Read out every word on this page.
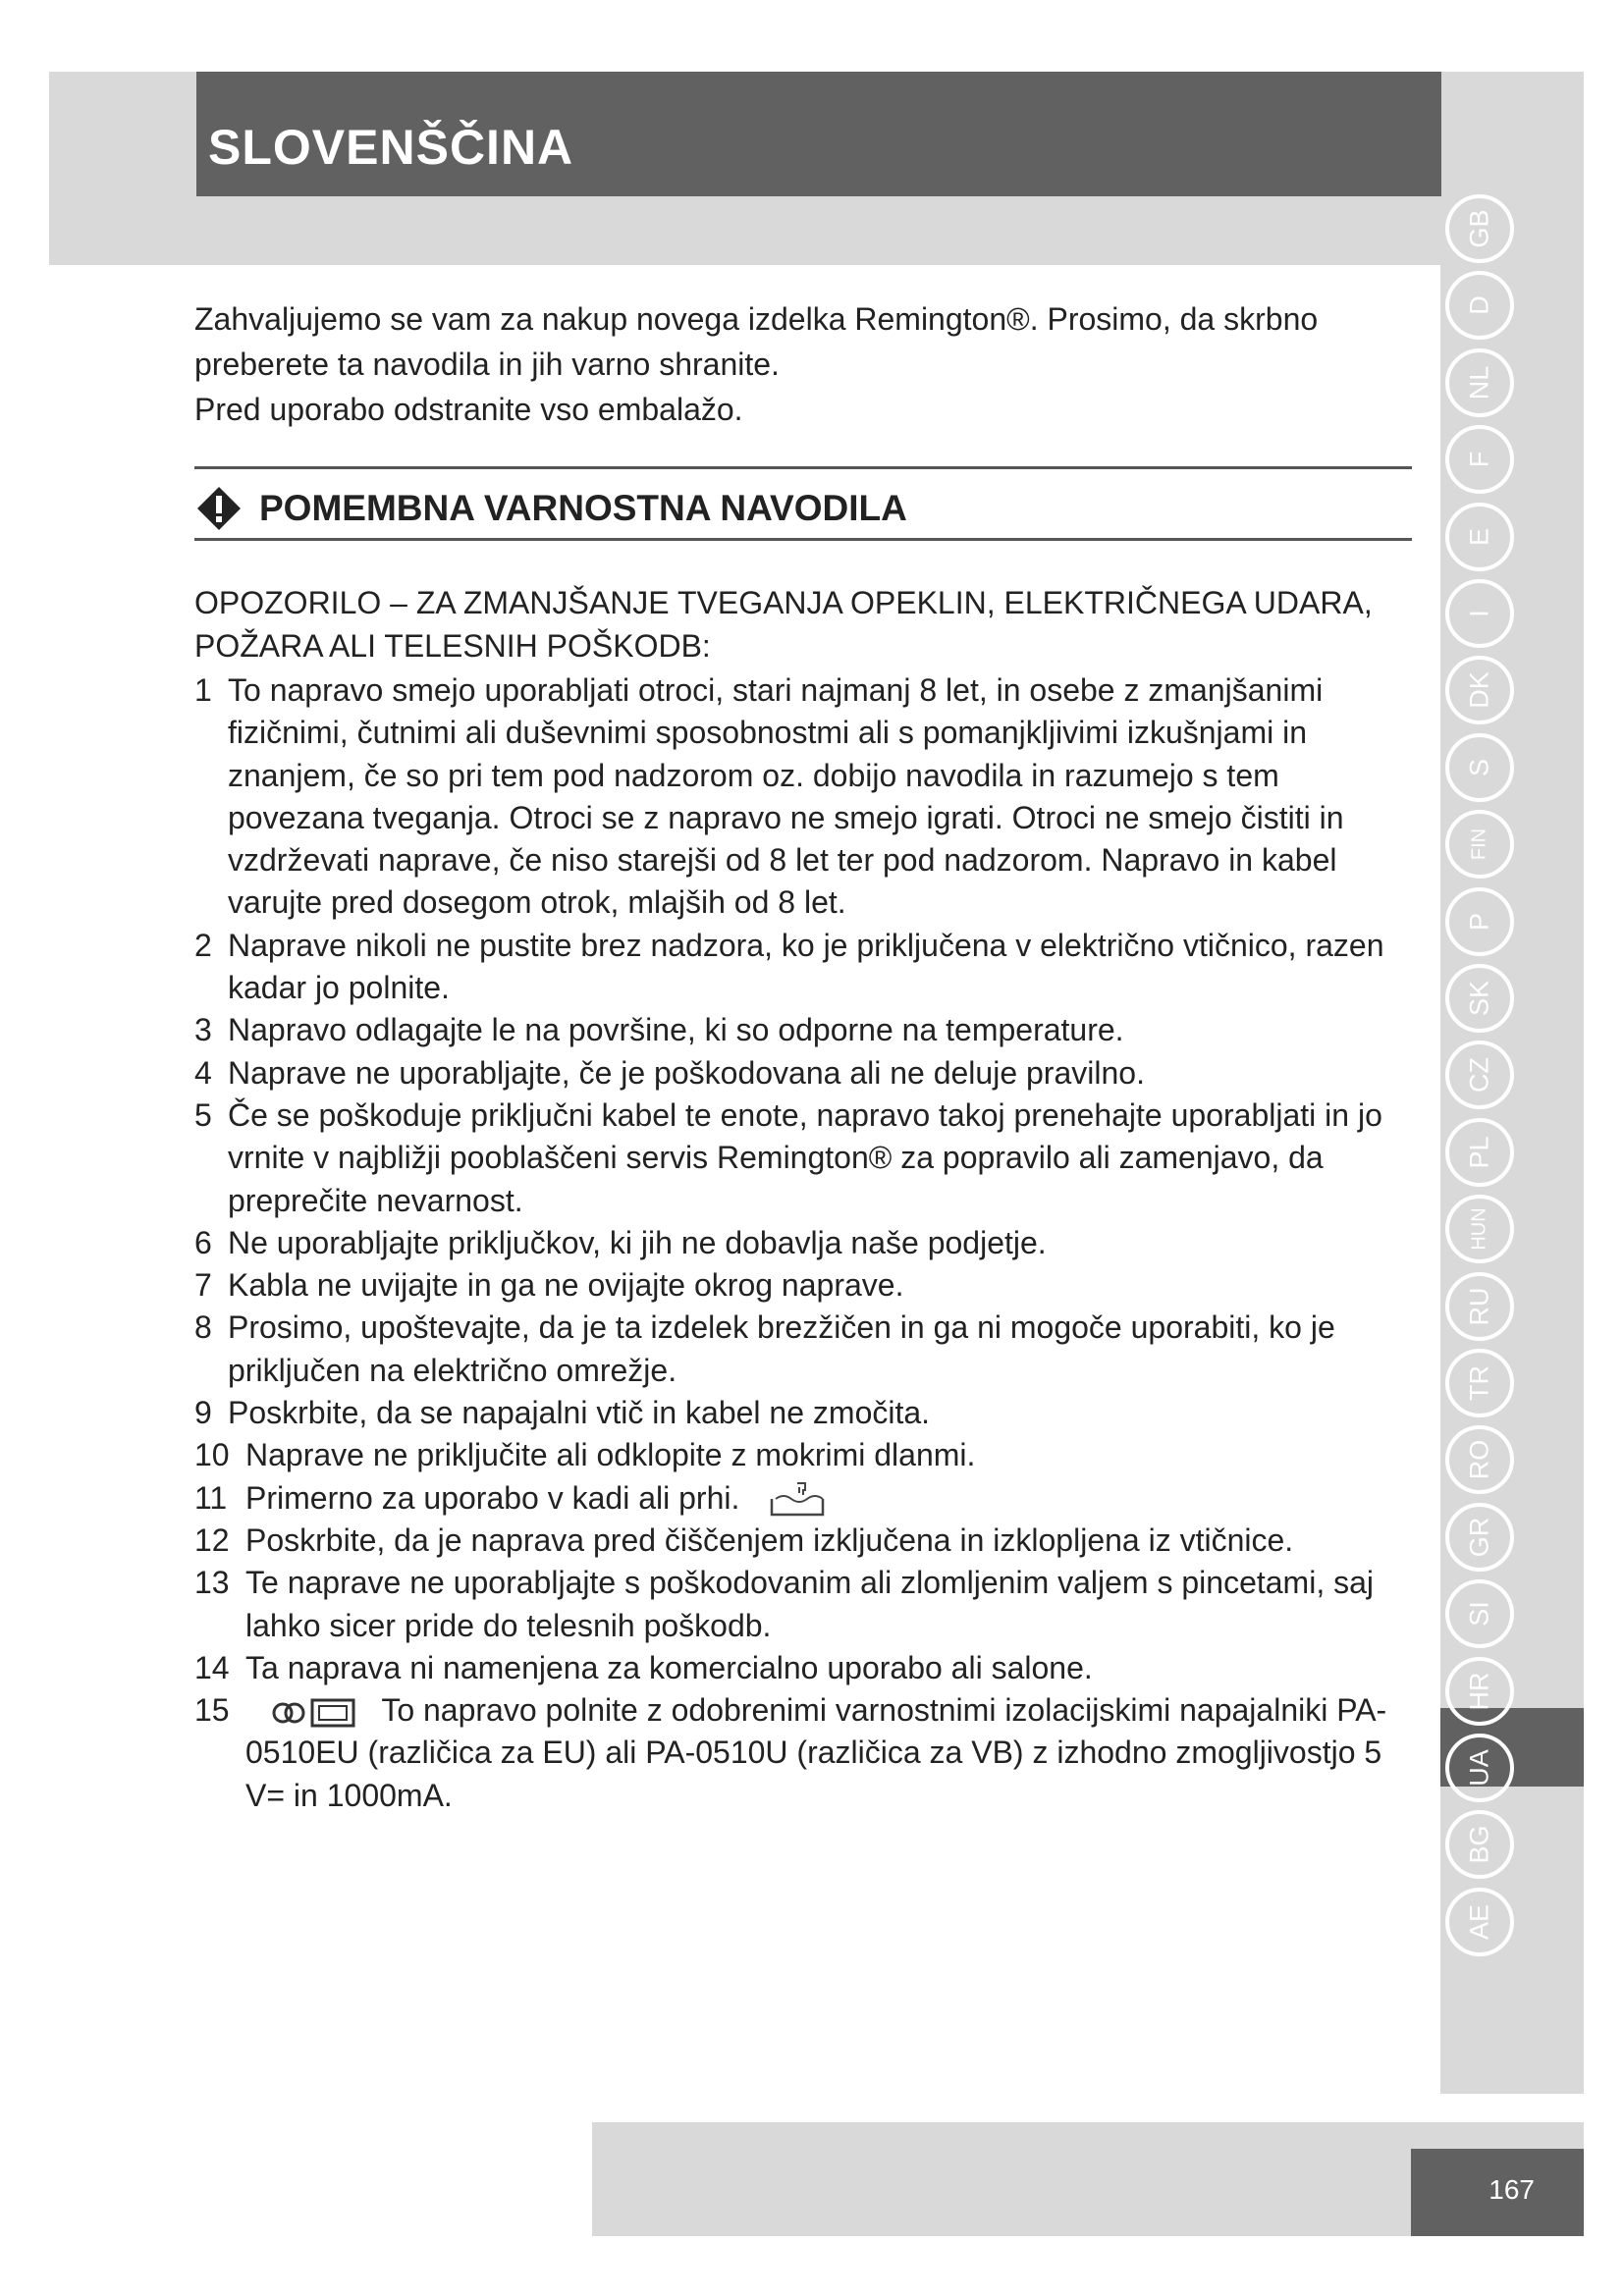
SLOVENŠČINA

Zahvaljujemo se vam za nakup novega izdelka Remington®. Prosimo, da skrbno

preberete ta navodila in jih varno shranite.

Pred uporabo odstranite vso embalažo.

POMEMBNA VARNOSTNA NAVODILA
OPOZORILO – ZA ZMANJŠANJE TVEGANJA OPEKLIN, ELEKTRIČNEGA UDARA, POŽARA ALI TELESNIH POŠKODB:
1 To napravo smejo uporabljati otroci, stari najmanj 8 let, in osebe z zmanjšanimi fizičnimi, čutnimi ali duševnimi sposobnostmi ali s pomanjkljivimi izkušnjami in znanjem, če so pri tem pod nadzorom oz. dobijo navodila in razumejo s tem povezana tveganja. Otroci se z napravo ne smejo igrati. Otroci ne smejo čistiti in vzdrževati naprave, če niso starejši od 8 let ter pod nadzorom. Napravo in kabel varujte pred dosegom otrok, mlajših od 8 let.
2 Naprave nikoli ne pustite brez nadzora, ko je priključena v električno vtičnico, razen kadar jo polnite.
3 Napravo odlagajte le na površine, ki so odporne na temperature.
4 Naprave ne uporabljajte, če je poškodovana ali ne deluje pravilno.
5 Če se poškoduje priključni kabel te enote, napravo takoj prenehajte uporabljati in jo vrnite v najbližji pooblaščeni servis Remington® za popravilo ali zamenjavo, da preprečite nevarnost.
6 Ne uporabljajte priključkov, ki jih ne dobavlja naše podjetje.
7 Kabla ne uvijajte in ga ne ovijajte okrog naprave.
8 Prosimo, upoštevajte, da je ta izdelek brezžičen in ga ni mogoče uporabiti, ko je priključen na električno omrežje.
9 Poskrbite, da se napajalni vtič in kabel ne zmočita.
10 Naprave ne priključite ali odklopite z mokrimi dlanmi.
11 Primerno za uporabo v kadi ali prhi.
12 Poskrbite, da je naprava pred čiščenjem izključena in izklopljena iz vtičnice.
13 Te naprave ne uporabljajte s poškodovanim ali zlomljenim valjem s pincetami, saj lahko sicer pride do telesnih poškodb.
14 Ta naprava ni namenjena za komercialno uporabo ali salone.
15	To napravo polnite z odobrenimi varnostnimi izolacijskimi napajalniki PA-0510EU (različica za EU) ali PA-0510U (različica za VB) z izhodno zmogljivostjo 5 V= in 1000mA.
GB
D
NL
F
E
I
DK
S
FIN
P
SK
CZ
PL
HUN
RU
TR
RO
GR
SI
HR
UA
BG
AE
167
